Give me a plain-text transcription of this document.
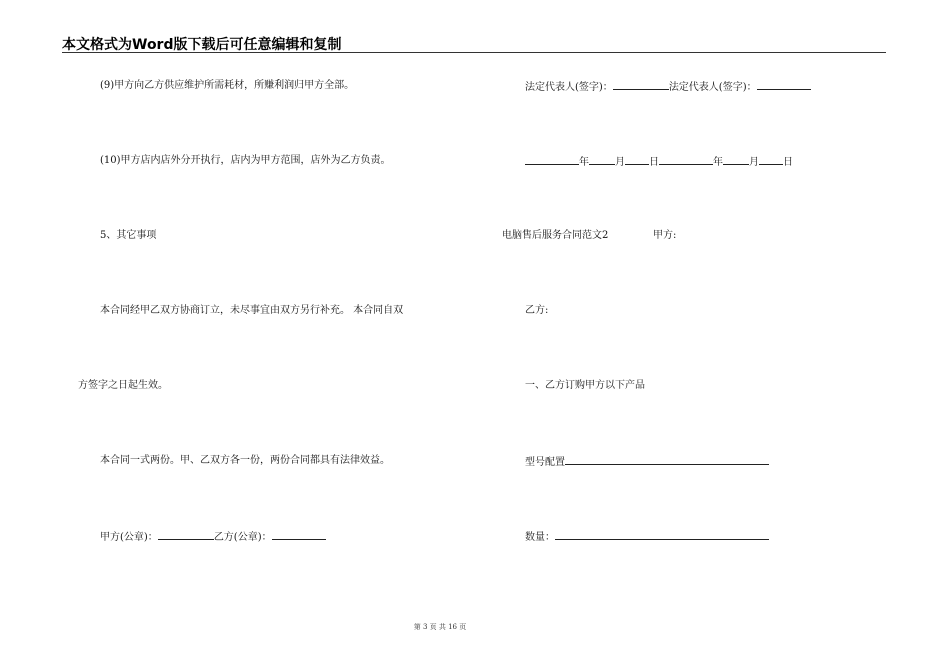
本文格式为Word版下载后可任意编辑和复制
(9)甲方向乙方供应维护所需耗材，所赚利润归甲方全部。
(10)甲方店内店外分开执行，店内为甲方范围，店外为乙方负责。
5、其它事项
本合同经甲乙双方协商订立，未尽事宜由双方另行补充。 本合同自双
方签字之日起生效。
本合同一式两份。甲、乙双方各一份，两份合同都具有法律效益。
甲方(公章)：	乙方(公章)：
法定代表人(签字)：	法定代表人(签字)：
年	月 日	年	月 日
电脑售后服务合同范文2	甲方:
乙方:
一、乙方订购甲方以下产品
型号配置
数量：
第 3 页 共 16 页
